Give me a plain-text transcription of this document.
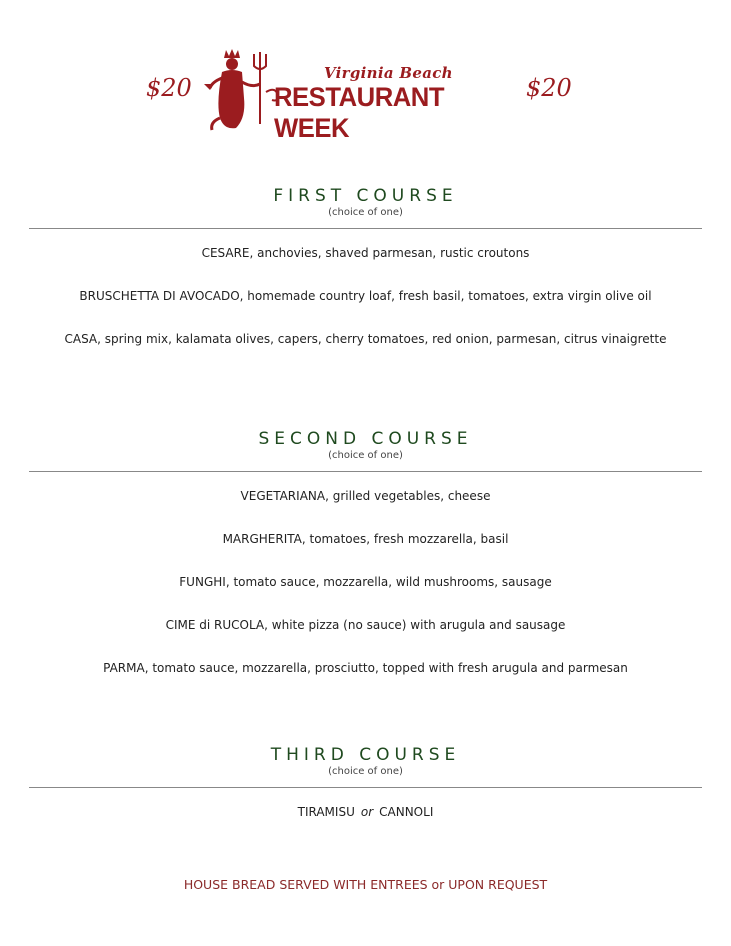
$20
Virginia Beach
RESTAURANT WEEK
$20

FIRST COURSE

(choice of one)

CESARE, anchovies, shaved parmesan, rustic croutons
BRUSCHETTA DI AVOCADO, homemade country loaf, fresh basil, tomatoes, extra virgin olive oil
CASA, spring mix, kalamata olives, capers, cherry tomatoes, red onion, parmesan, citrus vinaigrette

SECOND COURSE

(choice of one)

VEGETARIANA, grilled vegetables, cheese
MARGHERITA, tomatoes, fresh mozzarella, basil
FUNGHI, tomato sauce, mozzarella, wild mushrooms, sausage
CIME di RUCOLA, white pizza (no sauce) with arugula and sausage
PARMA, tomato sauce, mozzarella, prosciutto, topped with fresh arugula and parmesan

THIRD COURSE

(choice of one)

TIRAMISU or CANNOLI
HOUSE BREAD SERVED WITH ENTREES or UPON REQUEST
